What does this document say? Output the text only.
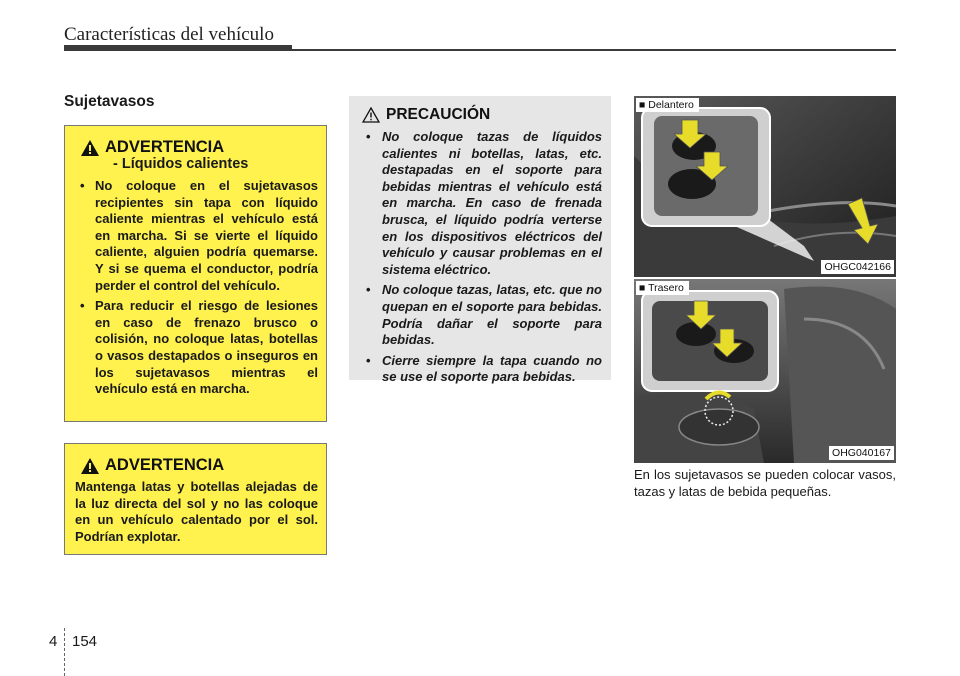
Características del vehículo
Sujetavasos
ADVERTENCIA
- Líquidos calientes
• No coloque en el sujetavasos recipientes sin tapa con líquido caliente mientras el vehículo está en marcha. Si se vierte el líquido caliente, alguien podría quemarse. Y si se quema el conductor, podría perder el control del vehículo.
• Para reducir el riesgo de lesiones en caso de frenazo brusco o colisión, no coloque latas, botellas o vasos destapados o inseguros en los sujetavasos mientras el vehículo está en marcha.
ADVERTENCIA
Mantenga latas y botellas alejadas de la luz directa del sol y no las coloque en un vehículo calentado por el sol. Podrían explotar.
PRECAUCIÓN
• No coloque tazas de líquidos calientes ni botellas, latas, etc. destapadas en el soporte para bebidas mientras el vehículo está en marcha. En caso de frenada brusca, el líquido podría verterse en los dispositivos eléctricos del vehículo y causar problemas en el sistema eléctrico.
• No coloque tazas, latas, etc. que no quepan en el soporte para bebidas. Podría dañar el soporte para bebidas.
• Cierre siempre la tapa cuando no se use el soporte para bebidas.
■ Delantero
OHGC042166
■ Trasero
OHG040167
En los sujetavasos se pueden colocar vasos, tazas y latas de bebida pequeñas.
4 154
